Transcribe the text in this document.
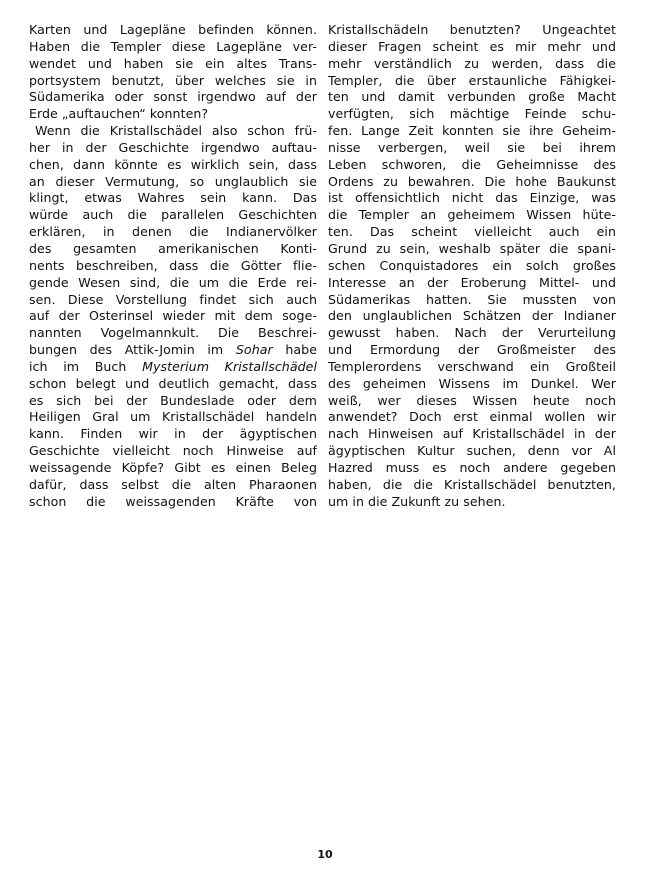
Karten und Lagepläne befinden können.
Haben die Templer diese Lagepläne ver-
wendet und haben sie ein altes Trans-
portsystem benutzt, über welches sie in
Südamerika oder sonst irgendwo auf der
Erde „auftauchen“ konnten?
Wenn die Kristallschädel also schon frü-
her in der Geschichte irgendwo auftau-
chen, dann könnte es wirklich sein, dass
an dieser Vermutung, so unglaublich sie
klingt, etwas Wahres sein kann. Das
würde auch die parallelen Geschichten
erklären, in denen die Indianervölker
des gesamten amerikanischen Konti-
nents beschreiben, dass die Götter flie-
gende Wesen sind, die um die Erde rei-
sen. Diese Vorstellung findet sich auch
auf der Osterinsel wieder mit dem soge-
nannten Vogelmannkult. Die Beschrei-
bungen des Attik-Jomin im Sohar habe
ich im Buch Mysterium Kristallschädel
schon belegt und deutlich gemacht, dass
es sich bei der Bundeslade oder dem
Heiligen Gral um Kristallschädel handeln
kann. Finden wir in der ägyptischen
Geschichte vielleicht noch Hinweise auf
weissagende Köpfe? Gibt es einen Beleg
dafür, dass selbst die alten Pharaonen
schon die weissagenden Kräfte von
Kristallschädeln benutzten? Ungeachtet
dieser Fragen scheint es mir mehr und
mehr verständlich zu werden, dass die
Templer, die über erstaunliche Fähigkei-
ten und damit verbunden große Macht
verfügten, sich mächtige Feinde schu-
fen. Lange Zeit konnten sie ihre Geheim-
nisse verbergen, weil sie bei ihrem
Leben schworen, die Geheimnisse des
Ordens zu bewahren. Die hohe Baukunst
ist offensichtlich nicht das Einzige, was
die Templer an geheimem Wissen hüte-
ten. Das scheint vielleicht auch ein
Grund zu sein, weshalb später die spani-
schen Conquistadores ein solch großes
Interesse an der Eroberung Mittel- und
Südamerikas hatten. Sie mussten von
den unglaublichen Schätzen der Indianer
gewusst haben. Nach der Verurteilung
und Ermordung der Großmeister des
Templerordens verschwand ein Großteil
des geheimen Wissens im Dunkel. Wer
weiß, wer dieses Wissen heute noch
anwendet? Doch erst einmal wollen wir
nach Hinweisen auf Kristallschädel in der
ägyptischen Kultur suchen, denn vor Al
Hazred muss es noch andere gegeben
haben, die die Kristallschädel benutzten,
um in die Zukunft zu sehen.
10
